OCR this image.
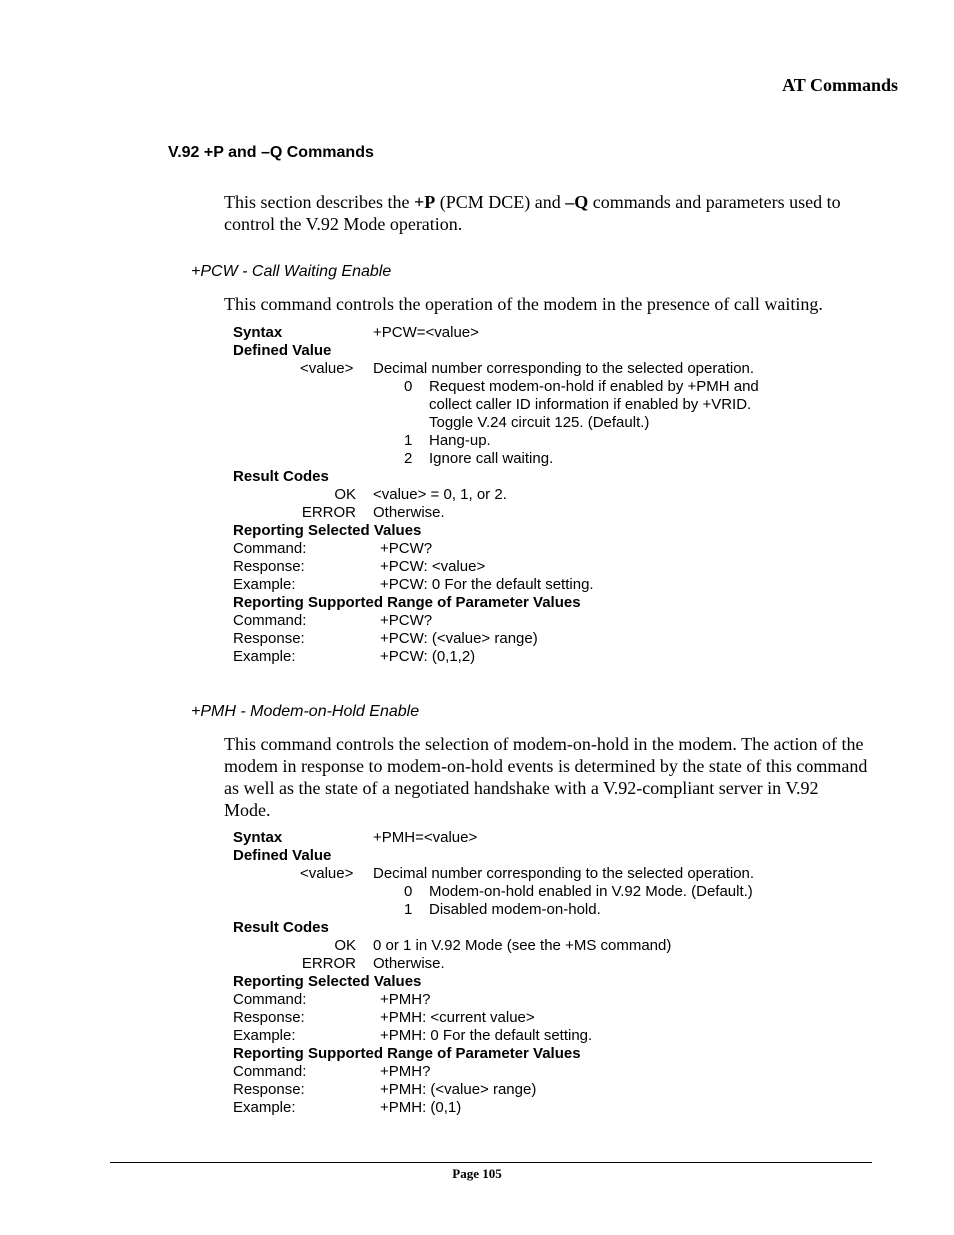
AT Commands
V.92 +P and –Q Commands
This section describes the +P (PCM DCE) and –Q commands and parameters used to
control the V.92 Mode operation.
+PCW - Call Waiting Enable
This command controls the operation of the modem in the presence of call waiting.
Syntax	+PCW=<value>
Defined Value
<value> Decimal number corresponding to the selected operation.
0 Request modem-on-hold if enabled by +PMH and
collect caller ID information if enabled by +VRID.
Toggle V.24 circuit 125. (Default.)
1 Hang-up.
2 Ignore call waiting.
Result Codes
OK <value> = 0, 1, or 2.
ERROR Otherwise.
Reporting Selected Values
Command:	+PCW?
Response:	+PCW: <value>
Example:	+PCW: 0 For the default setting.
Reporting Supported Range of Parameter Values
Command:	+PCW?
Response:	+PCW: (<value> range)
Example:	+PCW: (0,1,2)
+PMH - Modem-on-Hold Enable
This command controls the selection of modem-on-hold in the modem. The action of the
modem in response to modem-on-hold events is determined by the state of this command
as well as the state of a negotiated handshake with a V.92-compliant server in V.92
Mode.
Syntax	+PMH=<value>
Defined Value
<value> Decimal number corresponding to the selected operation.
0 Modem-on-hold enabled in V.92 Mode. (Default.)
1 Disabled modem-on-hold.
Result Codes
OK 0 or 1 in V.92 Mode (see the +MS command)
ERROR Otherwise.
Reporting Selected Values
Command:	+PMH?
Response:	+PMH: <current value>
Example:	+PMH: 0 For the default setting.
Reporting Supported Range of Parameter Values
Command:	+PMH?
Response:	+PMH: (<value> range)
Example:	+PMH: (0,1)
Page 105
